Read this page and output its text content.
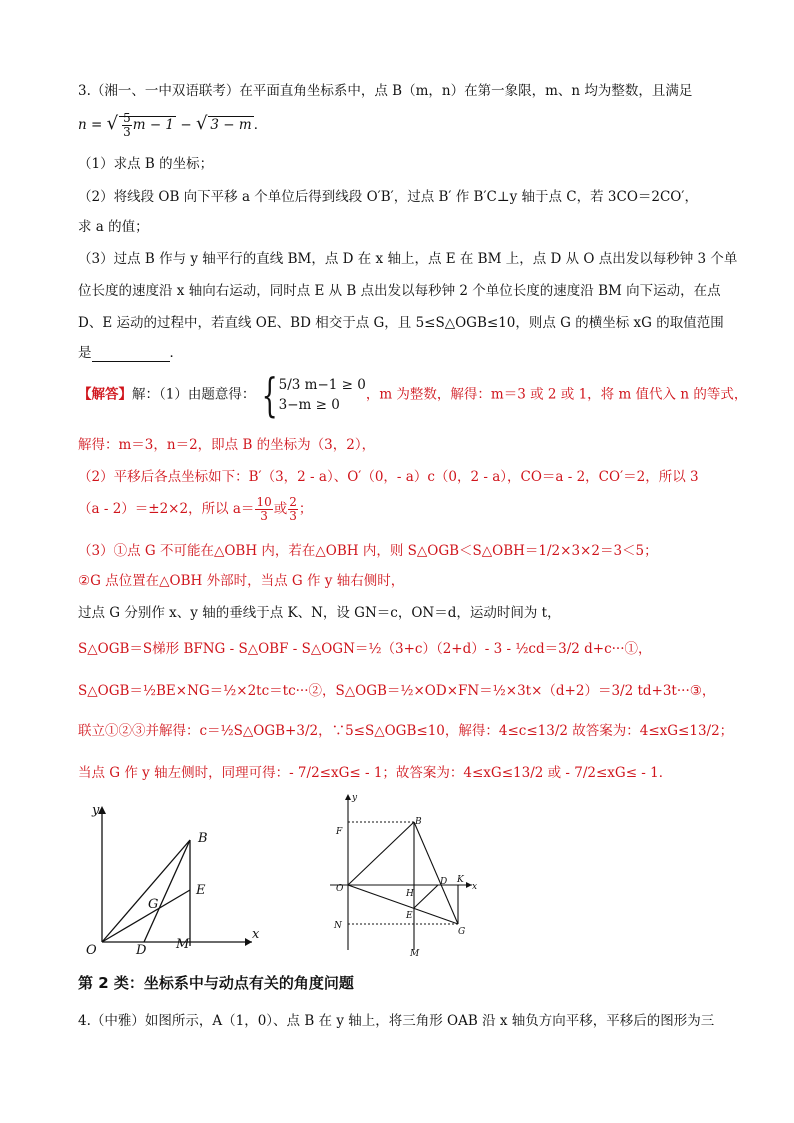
3.（湘一、一中双语联考）在平面直角坐标系中，点 B（m，n）在第一象限，m、n 均为整数，且满足
n = √ $\frac{5}{3}$ m − 1 − √ 3 − m ．
（1）求点 B 的坐标；
（2）将线段 OB 向下平移 a 个单位后得到线段 O′B′，过点 B′ 作 B′C⊥y 轴于点 C，若 3CO＝2CO′，
求 a 的值；
（3）过点 B 作与 y 轴平行的直线 BM，点 D 在 x 轴上，点 E 在 BM 上，点 D 从 O 点出发以每秒钟 3 个单
位长度的速度沿 x 轴向右运动，同时点 E 从 B 点出发以每秒钟 2 个单位长度的速度沿 BM 向下运动，在点
D、E 运动的过程中，若直线 OE、BD 相交于点 G，且 5≤S△OGB≤10，则点 G 的横坐标 xG 的取值范围
是	．
【解答】解：（1）由题意得： { 5/3 m−1 ≥ 0
3−m ≥ 0
，m 为整数，解得：m＝3 或 2 或 1，将 m 值代入 n 的等式，
解得：m＝3，n＝2，即点 B 的坐标为（3，2），
（2）平移后各点坐标如下：B′（3，2 - a）、O′（0，- a）c（0，2 - a），CO＝a - 2，CO′＝2，所以 3
（a - 2）＝±2×2，所以 $a= \frac{10}{3}$ 或 $\frac{2}{3}$ ；
（3）①点 G 不可能在△OBH 内，若在△OBH 内，则 S△OGB＜S△OBH＝1/2×3×2＝3＜5；
②G 点位置在△OBH 外部时，当点 G 作 y 轴右侧时，
过点 G 分别作 x、y 轴的垂线于点 K、N，设 GN＝c，ON＝d，运动时间为 t，
S△OGB＝S梯形 BFNG - S△OBF - S△OGN＝½（3+c）（2+d）- 3 - ½cd＝3/2 d+c···①，
S△OGB＝½BE×NG＝½×2tc＝tc···②，S△OGB＝½×OD×FN＝½×3t×（d+2）＝3/2 td+3t···③，
联立①②③并解得：c＝½S△OGB+3/2，∵5≤S△OGB≤10，解得：4≤c≤13/2 故答案为：4≤xG≤13/2；
当点 G 作 y 轴左侧时，同理可得：- 7/2≤xG≤ - 1；故答案为：4≤xG≤13/2 或 - 7/2≤xG≤ - 1．
y
B
E
G
O	D M
x
y
F
B
O	H
D K
x
E
N
G
M
第 2 类：坐标系中与动点有关的角度问题
4.（中雅）如图所示，A（1，0）、点 B 在 y 轴上，将三角形 OAB 沿 x 轴负方向平移，平移后的图形为三
